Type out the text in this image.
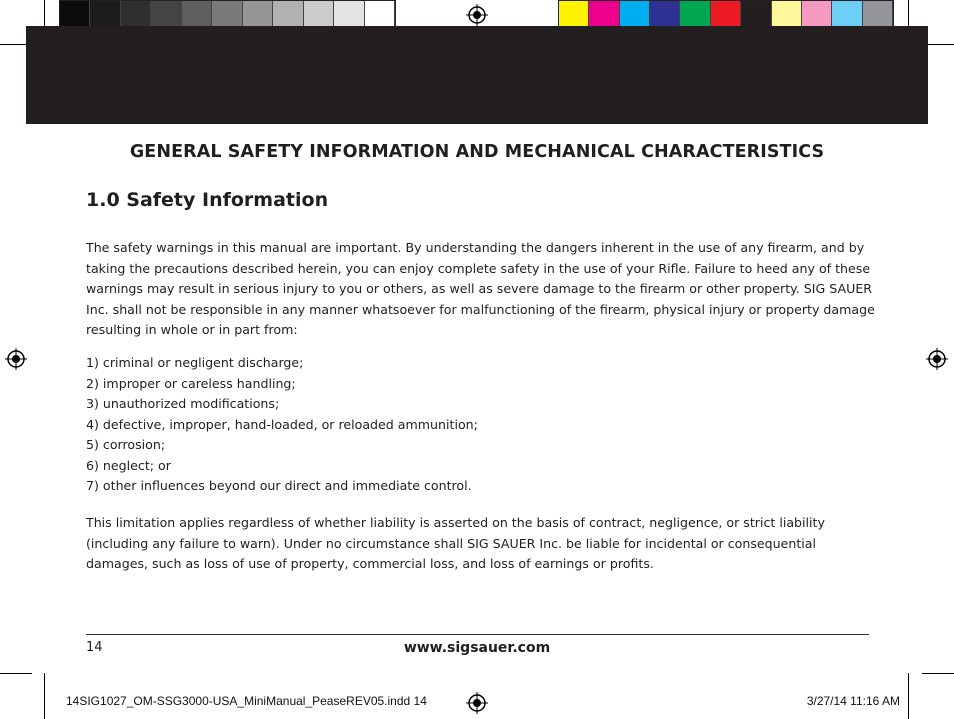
GENERAL SAFETY INFORMATION AND MECHANICAL CHARACTERISTICS
1.0 Safety Information
The safety warnings in this manual are important. By understanding the dangers inherent in the use of any firearm, and by taking the precautions described herein, you can enjoy complete safety in the use of your Rifle. Failure to heed any of these warnings may result in serious injury to you or others, as well as severe damage to the firearm or other property. SIG SAUER Inc. shall not be responsible in any manner whatsoever for malfunctioning of the firearm, physical injury or property damage resulting in whole or in part from:
1) criminal or negligent discharge;
2) improper or careless handling;
3) unauthorized modifications;
4) defective, improper, hand-loaded, or reloaded ammunition;
5) corrosion;
6) neglect; or
7) other influences beyond our direct and immediate control.
This limitation applies regardless of whether liability is asserted on the basis of contract, negligence, or strict liability (including any failure to warn). Under no circumstance shall SIG SAUER Inc. be liable for incidental or consequential damages, such as loss of use of property, commercial loss, and loss of earnings or profits.
14	www.sigsauer.com
14SIG1027_OM-SSG3000-USA_MiniManual_PeaseREV05.indd 14	3/27/14 11:16 AM
